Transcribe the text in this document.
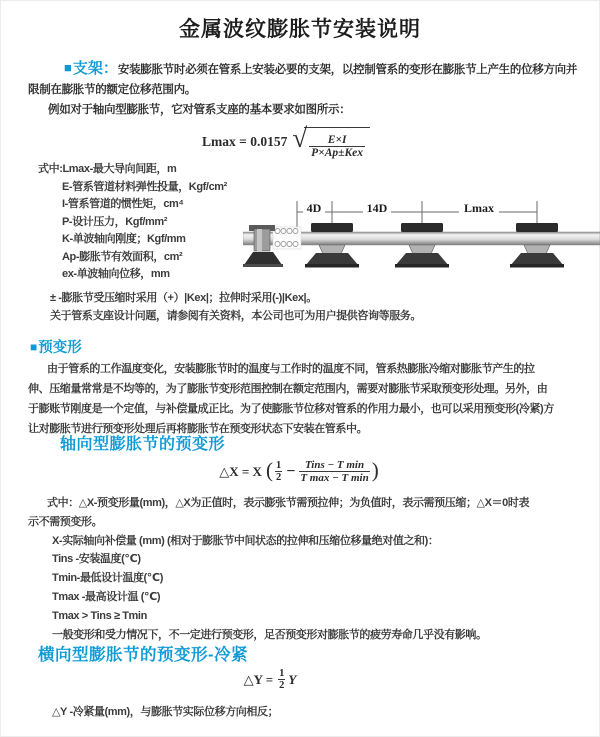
金属波纹膨胀节安装说明
■支架：安装膨胀节时必须在管系上安装必要的支架，以控制管系的变形在膨胀节上产生的位移方向并
限制在膨胀节的额定位移范围内。
例如对于轴向型膨胀节，它对管系支座的基本要求如图所示：
Lmax = 0.0157 √ $\frac{E\times I}{\text{P×Ap±Kex}}$
式中:Lmax-最大导向间距，m
E-管系管道材料弹性投量，Kgf/cm²
I-管系管道的惯性矩，cm⁴
P-设计压力，Kgf/mm²
K-单波轴向刚度；Kgf/mm
Ap-膨胀节有效面积，cm²
ex-单波轴向位移，mm
± -膨胀节受压缩时采用（+）|Kex|；拉伸时采用(-)|Kex|。
关于管系支座设计问题，请参阅有关资料，本公司也可为用户提供咨询等服务。
4D	14D	Lmax
■预变形
由于管系的工作温度变化，安装膨胀节时的温度与工作时的温度不同，管系热膨胀冷缩对膨胀节产生的拉
伸、压缩量常常是不均等的，为了膨胀节变形范围控制在额定范围内，需要对膨胀节采取预变形处理。另外，由
于膨账节刚度是一个定值，与补偿量成正比。为了使膨胀节位移对管系的作用力最小，也可以采用预变形(冷紧)方
让对膨胀节进行预变形处理后再将膨胀节在预变形状态下安装在管系中。
轴向型膨胀节的预变形
△X = X ( $\frac{1}{2} - \frac{\text{Tins − T min}}{\text{T max − T min}}$ )
式中：△X-预变形量(mm)，△X为正值时，表示膨张节需预拉伸；为负值时，表示需预压缩；△X＝0时表
示不需预变形。
X-实际轴向补偿量 (mm) (相对于膨胀节中间状态的拉伸和压缩位移量绝对值之和)：
Tins -安装温度(℃)
Tmin-最低设计温度(℃)
Tmax -最高设计温 (℃)
Tmax > Tins ≥ Tmin
一般变形和受力情况下，不一定进行预变形，足否预变形对膨胀节的疲劳寿命几乎没有影响。
横向型膨胀节的预变形-冷紧
△Y = $\frac{1}{2}$ Y
△Y -冷紧量(mm)，与膨胀节实际位移方向相反；
